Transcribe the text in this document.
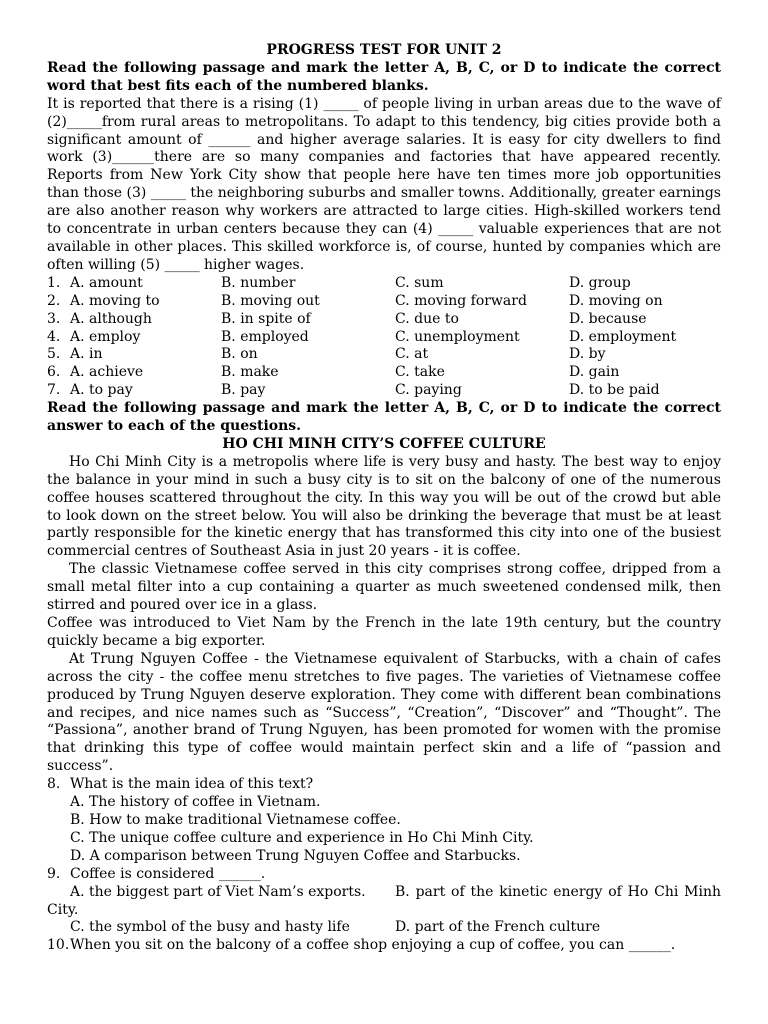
PROGRESS TEST FOR UNIT 2

Read the following passage and mark the letter A, B, C, or D to indicate the correct word that best fits each of the numbered blanks.

It is reported that there is a rising (1) _____ of people living in urban areas due to the wave of (2)_____from rural areas to metropolitans. To adapt to this tendency, big cities provide both a significant amount of ______ and higher average salaries. It is easy for city dwellers to find work (3)______there are so many companies and factories that have appeared recently. Reports from New York City show that people here have ten times more job opportunities than those (3) _____ the neighboring suburbs and smaller towns. Additionally, greater earnings are also another reason why workers are attracted to large cities. High-skilled workers tend to concentrate in urban centers because they can (4) _____ valuable experiences that are not available in other places. This skilled workforce is, of course, hunted by companies which are often willing (5) _____ higher wages.

1. A. amount	B. number	C. sum	D. group
2. A. moving to	B. moving out	C. moving forward	D. moving on
3. A. although	B. in spite of	C. due to	D. because
4. A. employ	B. employed	C. unemployment	D. employment
5. A. in	B. on	C. at	D. by
6. A. achieve	B. make	C. take	D. gain
7. A. to pay	B. pay	C. paying	D. to be paid

Read the following passage and mark the letter A, B, C, or D to indicate the correct answer to each of the questions.

HO CHI MINH CITY’S COFFEE CULTURE

Ho Chi Minh City is a metropolis where life is very busy and hasty. The best way to enjoy the balance in your mind in such a busy city is to sit on the balcony of one of the numerous coffee houses scattered throughout the city. In this way you will be out of the crowd but able to look down on the street below. You will also be drinking the beverage that must be at least partly responsible for the kinetic energy that has transformed this city into one of the busiest commercial centres of Southeast Asia in just 20 years - it is coffee.

The classic Vietnamese coffee served in this city comprises strong coffee, dripped from a small metal filter into a cup containing a quarter as much sweetened condensed milk, then stirred and poured over ice in a glass.

Coffee was introduced to Viet Nam by the French in the late 19th century, but the country quickly became a big exporter.

At Trung Nguyen Coffee - the Vietnamese equivalent of Starbucks, with a chain of cafes across the city - the coffee menu stretches to five pages. The varieties of Vietnamese coffee produced by Trung Nguyen deserve exploration. They come with different bean combinations and recipes, and nice names such as “Success”, “Creation”, “Discover” and “Thought”. The “Passiona”, another brand of Trung Nguyen, has been promoted for women with the promise that drinking this type of coffee would maintain perfect skin and a life of “passion and success”.

8. What is the main idea of this text?
A. The history of coffee in Vietnam.
B. How to make traditional Vietnamese coffee.
C. The unique coffee culture and experience in Ho Chi Minh City.
D. A comparison between Trung Nguyen Coffee and Starbucks.
9. Coffee is considered ______.

A. the biggest part of Viet Nam’s exports. B. part of the kinetic energy of Ho Chi Minh City.

C. the symbol of the busy and hasty life	D. part of the French culture
10. When you sit on the balcony of a coffee shop enjoying a cup of coffee, you can ______.
